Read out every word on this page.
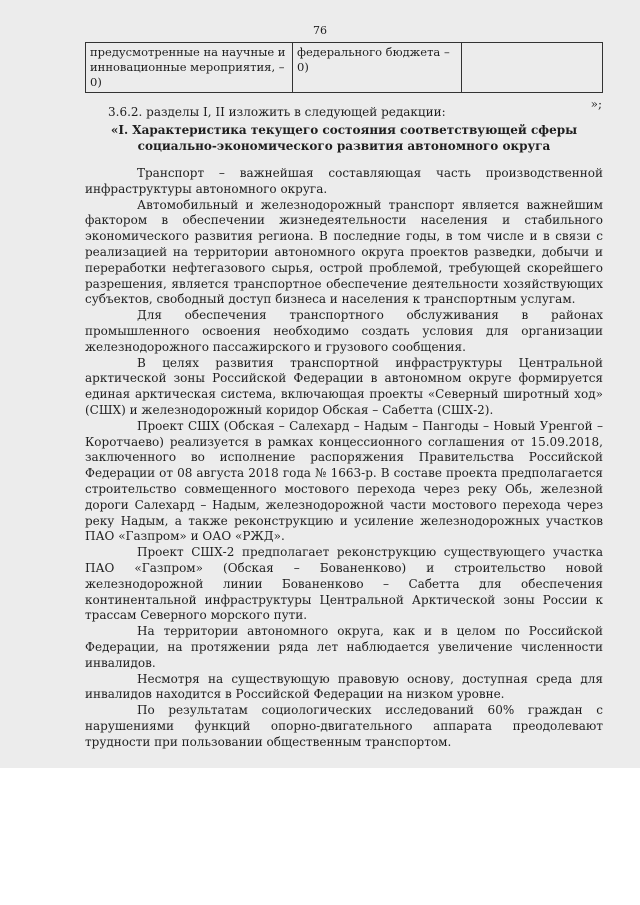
76
предусмотренные на научные и инновационные мероприятия, – 0)	федерального бюджета – 0)	
»;
3.6.2. разделы I, II изложить в следующей редакции:
«I. Характеристика текущего состояния соответствующей сферы
социально-экономического развития автономного округа

Транспорт – важнейшая составляющая часть производственной инфраструктуры автономного округа.

Автомобильный и железнодорожный транспорт является важнейшим фактором в обеспечении жизнедеятельности населения и стабильного экономического развития региона. В последние годы, в том числе и в связи с реализацией на территории автономного округа проектов разведки, добычи и переработки нефтегазового сырья, острой проблемой, требующей скорейшего разрешения, является транспортное обеспечение деятельности хозяйствующих субъектов, свободный доступ бизнеса и населения к транспортным услугам.

Для обеспечения транспортного обслуживания в районах промышленного освоения необходимо создать условия для организации железнодорожного пассажирского и грузового сообщения.

В целях развития транспортной инфраструктуры Центральной арктической зоны Российской Федерации в автономном округе формируется единая арктическая система, включающая проекты «Северный широтный ход» (СШХ) и железнодорожный коридор Обская – Сабетта (СШХ-2).

Проект СШХ (Обская – Салехард – Надым – Пангоды – Новый Уренгой – Коротчаево) реализуется в рамках концессионного соглашения от 15.09.2018, заключенного во исполнение распоряжения Правительства Российской Федерации от 08 августа 2018 года № 1663-р. В составе проекта предполагается строительство совмещенного мостового перехода через реку Обь, железной дороги Салехард – Надым, железнодорожной части мостового перехода через реку Надым, а также реконструкцию и усиление железнодорожных участков ПАО «Газпром» и ОАО «РЖД».

Проект СШХ-2 предполагает реконструкцию существующего участка ПАО «Газпром» (Обская – Бованенково) и строительство новой железнодорожной линии Бованенково – Сабетта для обеспечения континентальной инфраструктуры Центральной Арктической зоны России к трассам Северного морского пути.

На территории автономного округа, как и в целом по Российской Федерации, на протяжении ряда лет наблюдается увеличение численности инвалидов.

Несмотря на существующую правовую основу, доступная среда для инвалидов находится в Российской Федерации на низком уровне.

По результатам социологических исследований 60% граждан с нарушениями функций опорно-двигательного аппарата преодолевают трудности при пользовании общественным транспортом.
